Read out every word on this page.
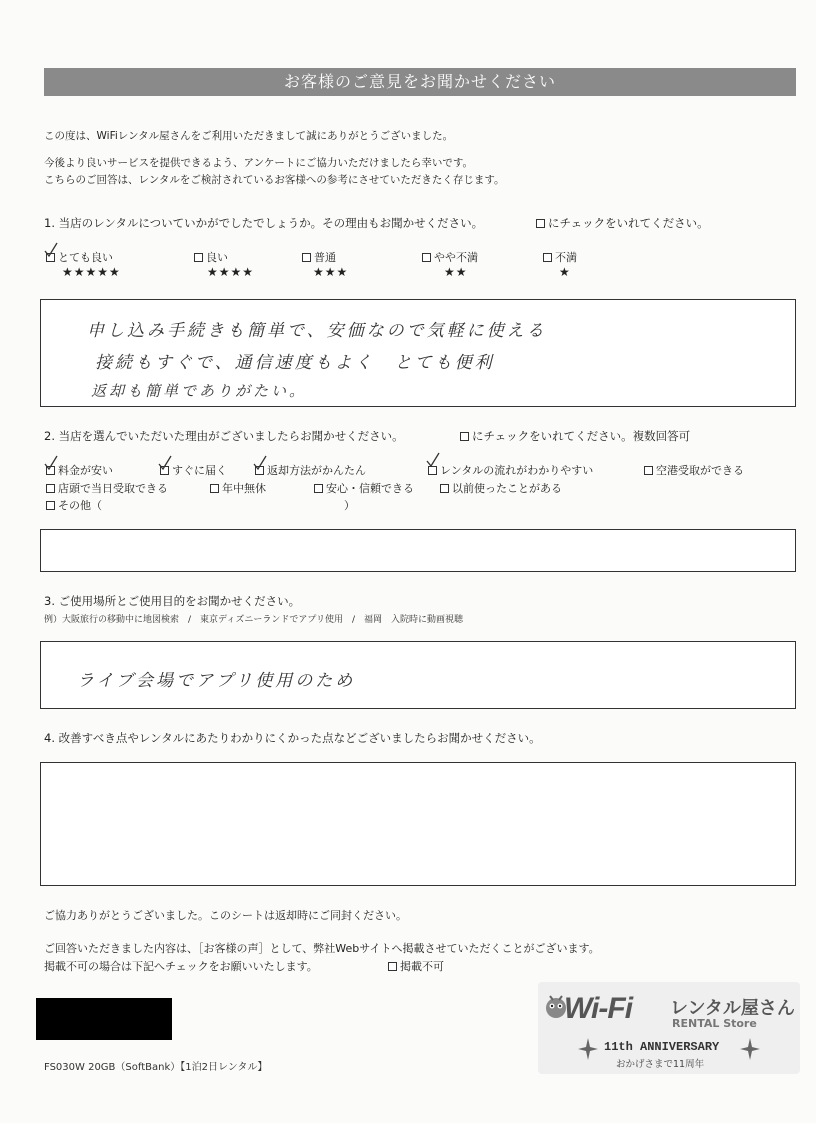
お客様のご意見をお聞かせください
この度は、WiFiレンタル屋さんをご利用いただきまして誠にありがとうございました。
今後より良いサービスを提供できるよう、アンケートにご協力いただけましたら幸いです。
こちらのご回答は、レンタルをご検討されているお客様への参考にさせていただきたく存じます。
1. 当店のレンタルについていかがでしたでしょうか。その理由もお聞かせください。	にチェックをいれてください。
とても良い
★★★★★
良い
★★★★
普通
★★★
やや不満
★★
不満
★
申し込み手続きも簡単で、安価なので気軽に使える
接続もすぐで、通信速度もよく　とても便利
返却も簡単でありがたい。
2. 当店を選んでいただいた理由がございましたらお聞かせください。	にチェックをいれてください。複数回答可
料金が安い	すぐに届く	返却方法がかんたん	レンタルの流れがわかりやすい	空港受取ができる
店頭で当日受取できる	年中無休	安心・信頼できる	以前使ったことがある
その他（	）
3. ご使用場所とご使用目的をお聞かせください。
例）大阪旅行の移動中に地図検索　/　東京ディズニーランドでアプリ使用　/　福岡　入院時に動画視聴
ライブ会場でアプリ使用のため
4. 改善すべき点やレンタルにあたりわかりにくかった点などございましたらお聞かせください。
ご協力ありがとうございました。このシートは返却時にご同封ください。
ご回答いただきました内容は、［お客様の声］として、弊社Webサイトへ掲載させていただくことがございます。
掲載不可の場合は下記へチェックをお願いいたします。	掲載不可
FS030W 20GB（SoftBank）【1泊2日レンタル】
Wi-Fi レンタル屋さん
RENTAL Store
11th ANNIVERSARY
おかげさまで11周年
